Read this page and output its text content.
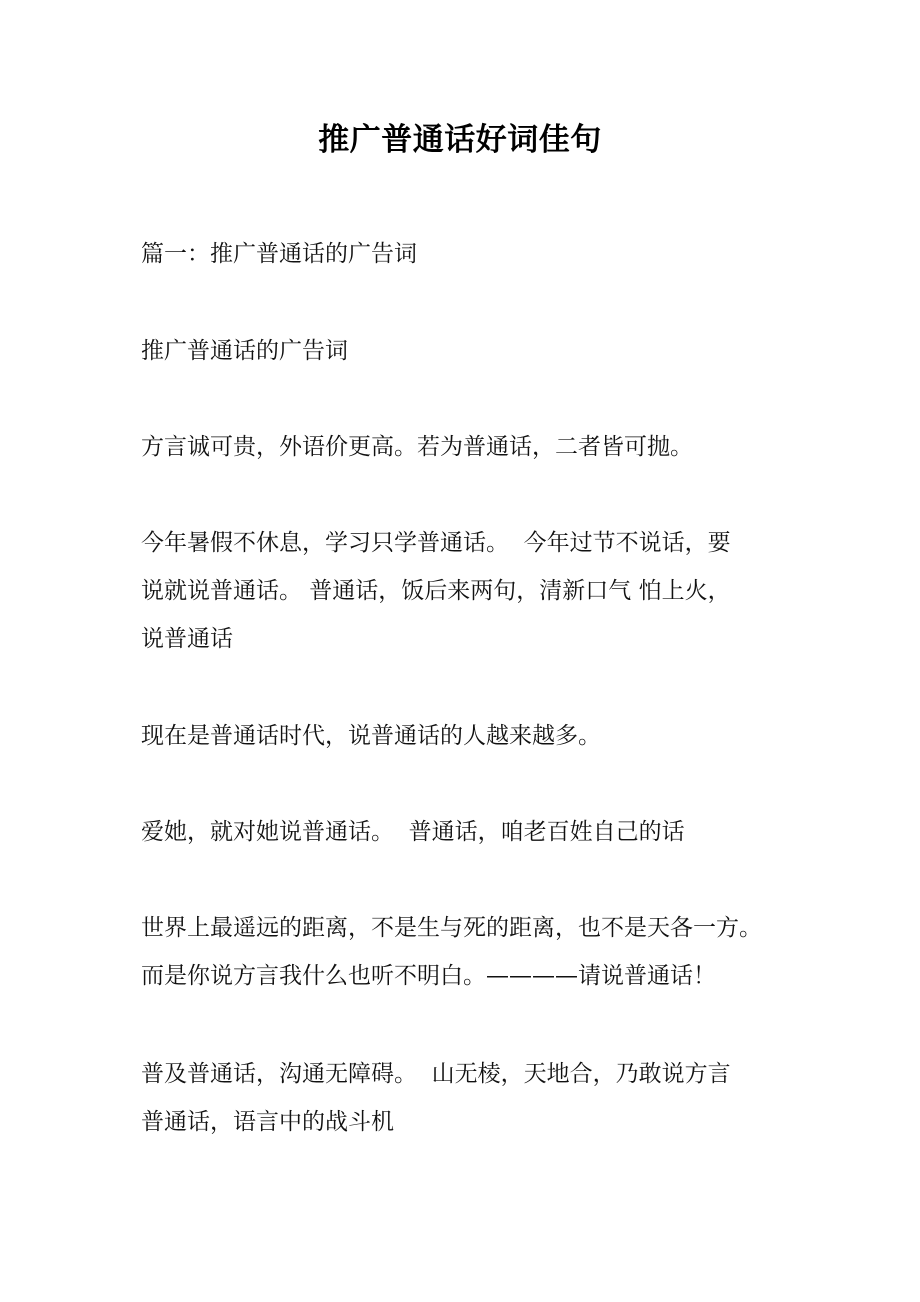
推广普通话好词佳句
篇一：推广普通话的广告词
推广普通话的广告词
方言诚可贵，外语价更高。若为普通话，二者皆可抛。
今年暑假不休息，学习只学普通话。  今年过节不说话，要
说就说普通话。 普通话，饭后来两句，清新口气 怕上火，
说普通话
现在是普通话时代，说普通话的人越来越多。
爱她，就对她说普通话。  普通话，咱老百姓自己的话
世界上最遥远的距离，不是生与死的距离，也不是天各一方。
而是你说方言我什么也听不明白。————请说普通话！
普及普通话，沟通无障碍。  山无棱，天地合，乃敢说方言
普通话，语言中的战斗机
